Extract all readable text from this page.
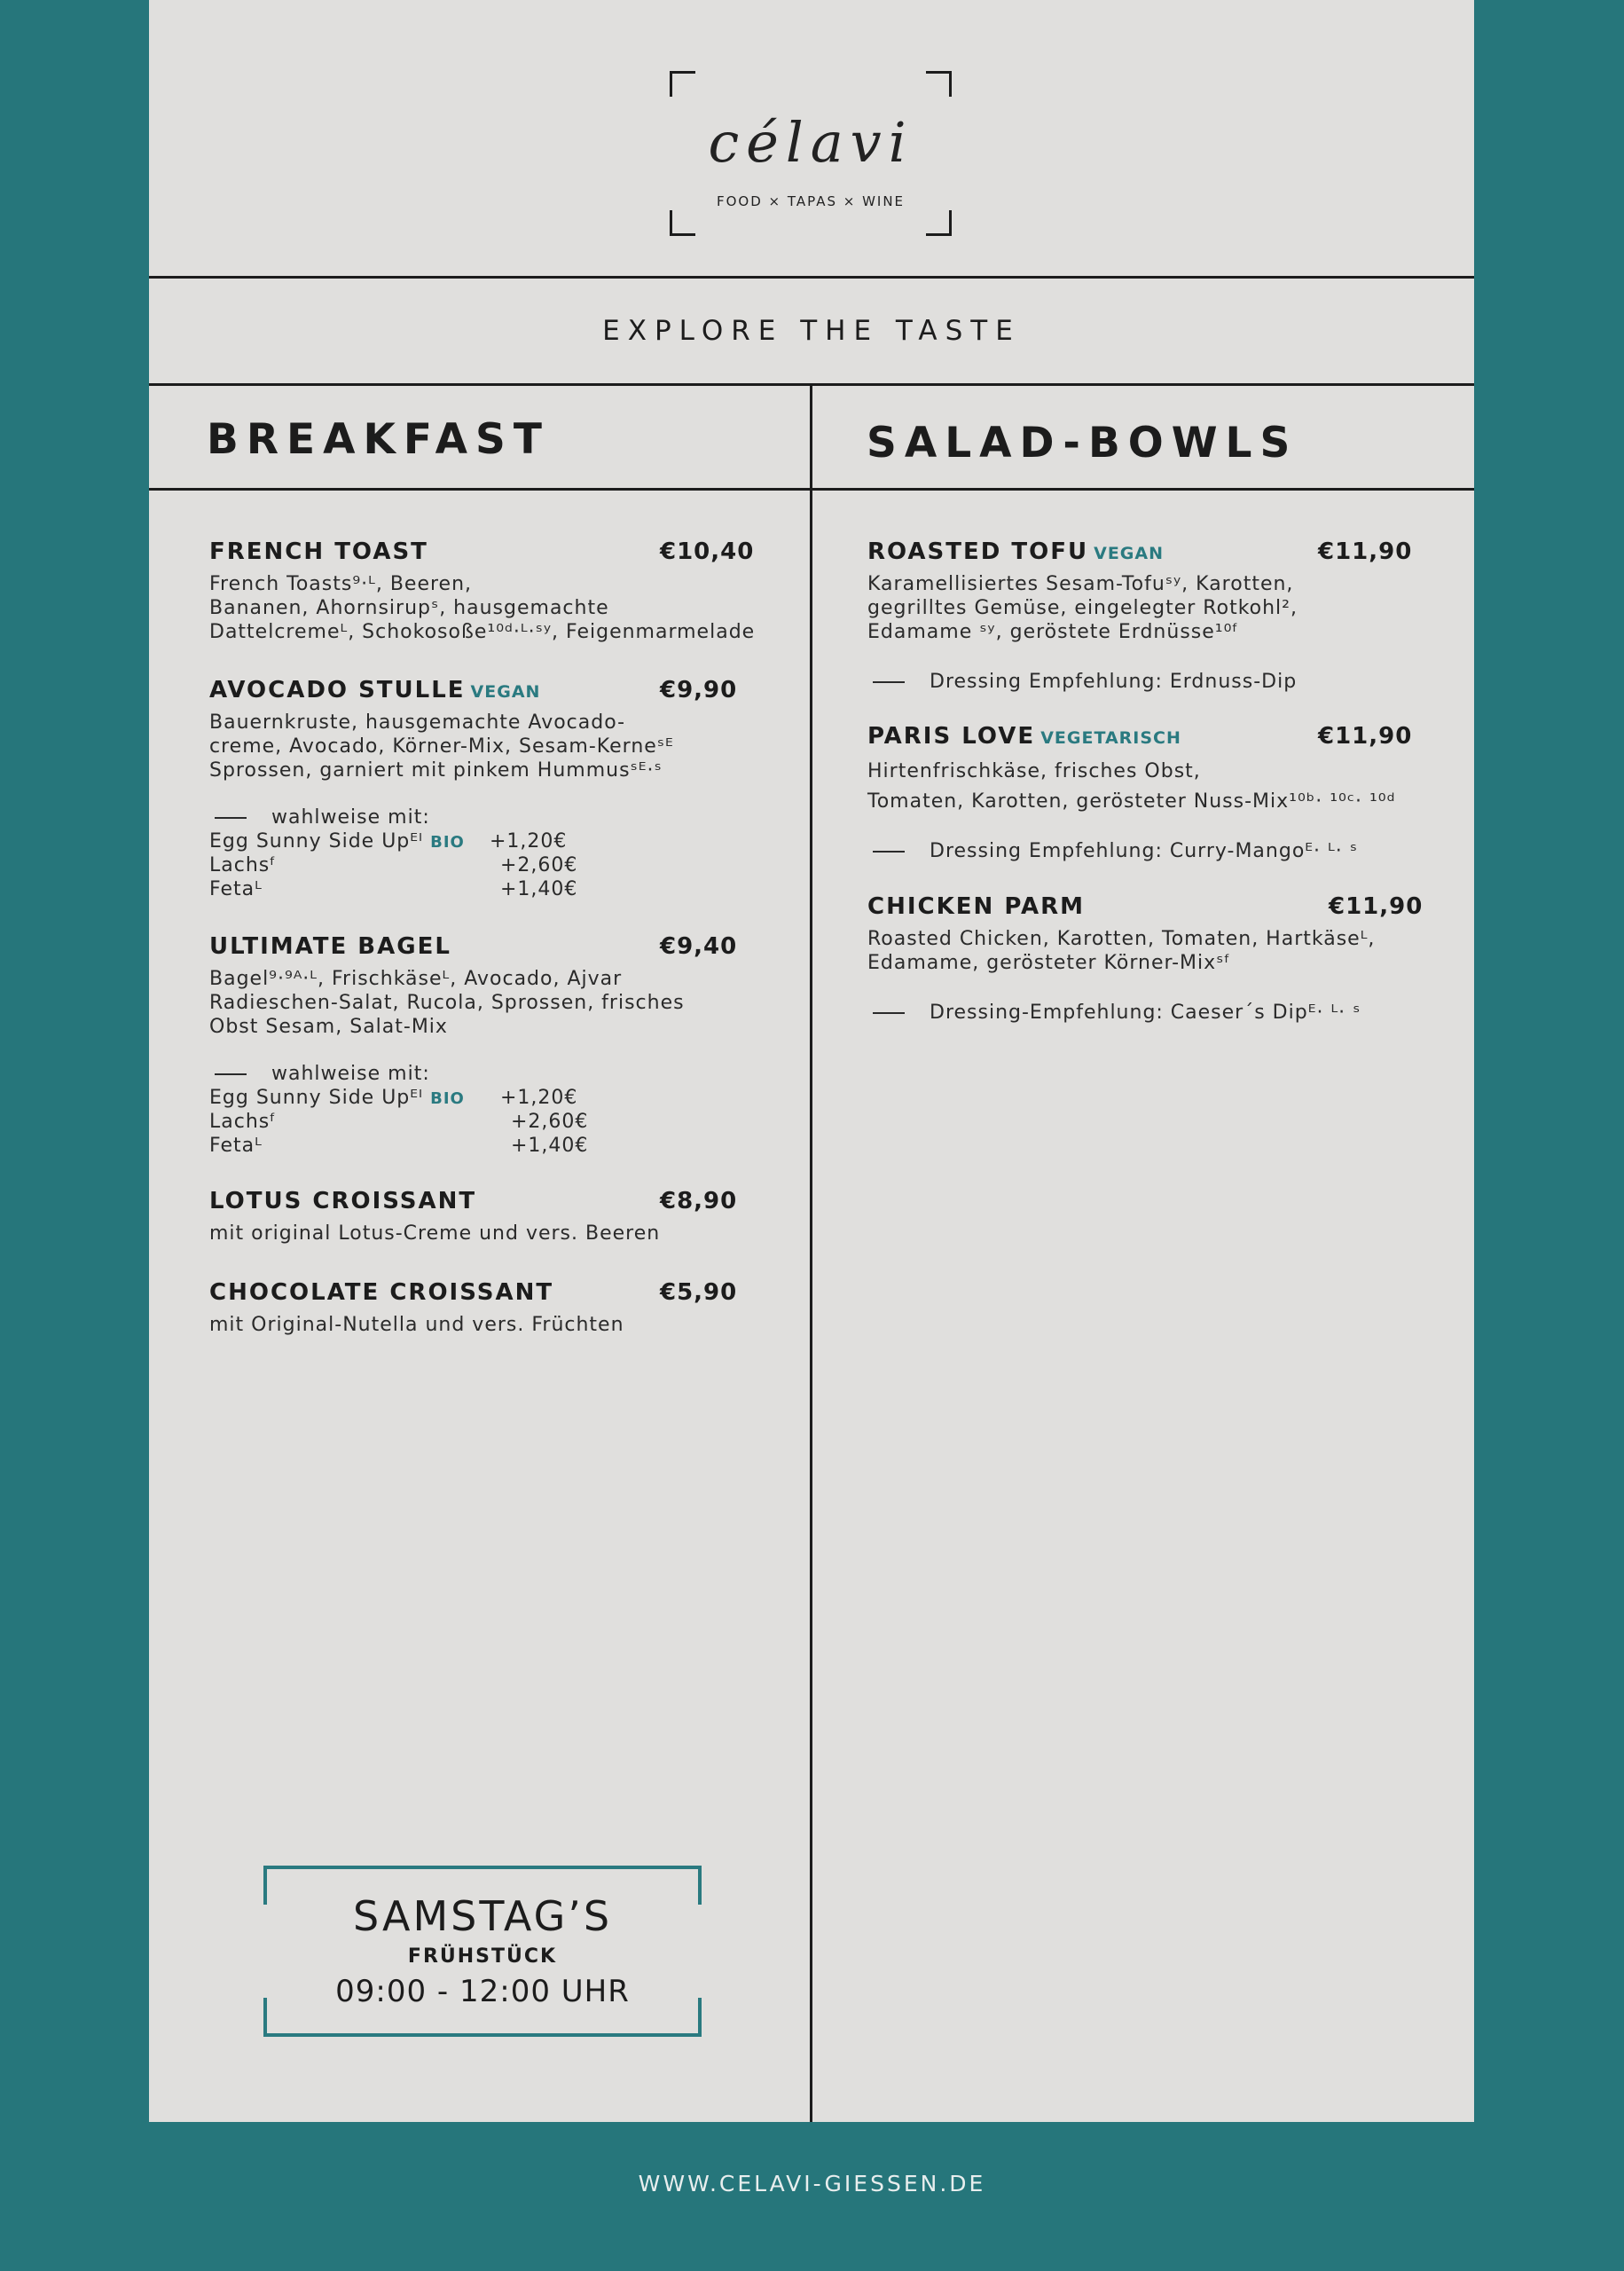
célavi
FOOD × TAPAS × WINE
EXPLORE THE TASTE
BREAKFAST	SALAD-BOWLS
FRENCH TOAST	€10,40
French Toasts⁹·ᴸ, Beeren,
Bananen, Ahornsirupˢ, hausgemachte
Dattelcremeᴸ, Schokosoße¹⁰ᵈ·ᴸ·ˢʸ, Feigenmarmelade
AVOCADO STULLE VEGAN	€9,90
Bauernkruste, hausgemachte Avocado-
creme, Avocado, Körner-Mix, Sesam-Kerneˢᴱ
Sprossen, garniert mit pinkem Hummusˢᴱ·ˢ
wahlweise mit:
Egg Sunny Side Upᴱᴵ BIO +1,20€
Lachsᶠ	+2,60€
Fetaᴸ	+1,40€
ULTIMATE BAGEL	€9,40
Bagel⁹·⁹ᴬ·ᴸ, Frischkäseᴸ, Avocado, Ajvar
Radieschen-Salat, Rucola, Sprossen, frisches
Obst Sesam, Salat-Mix
wahlweise mit:
Egg Sunny Side Upᴱᴵ BIO +1,20€
Lachsᶠ	+2,60€
Fetaᴸ	+1,40€
LOTUS CROISSANT	€8,90
mit original Lotus-Creme und vers. Beeren
CHOCOLATE CROISSANT	€5,90
mit Original-Nutella und vers. Früchten
ROASTED TOFU VEGAN	€11,90
Karamellisiertes Sesam-Tofuˢʸ, Karotten,
gegrilltes Gemüse, eingelegter Rotkohl²,
Edamame ˢʸ, geröstete Erdnüsse¹⁰ᶠ
Dressing Empfehlung: Erdnuss-Dip
PARIS LOVE VEGETARISCH	€11,90
Hirtenfrischkäse, frisches Obst,
Tomaten, Karotten, gerösteter Nuss-Mix¹⁰ᵇ· ¹⁰ᶜ· ¹⁰ᵈ
Dressing Empfehlung: Curry-Mangoᴱ· ᴸ· ˢ
CHICKEN PARM	€11,90
Roasted Chicken, Karotten, Tomaten, Hartkäseᴸ,
Edamame, gerösteter Körner-Mixˢᶠ
Dressing-Empfehlung: Caeser´s Dipᴱ· ᴸ· ˢ
SAMSTAG’S
FRÜHSTÜCK
09:00 - 12:00 UHR
WWW.CELAVI-GIESSEN.DE
